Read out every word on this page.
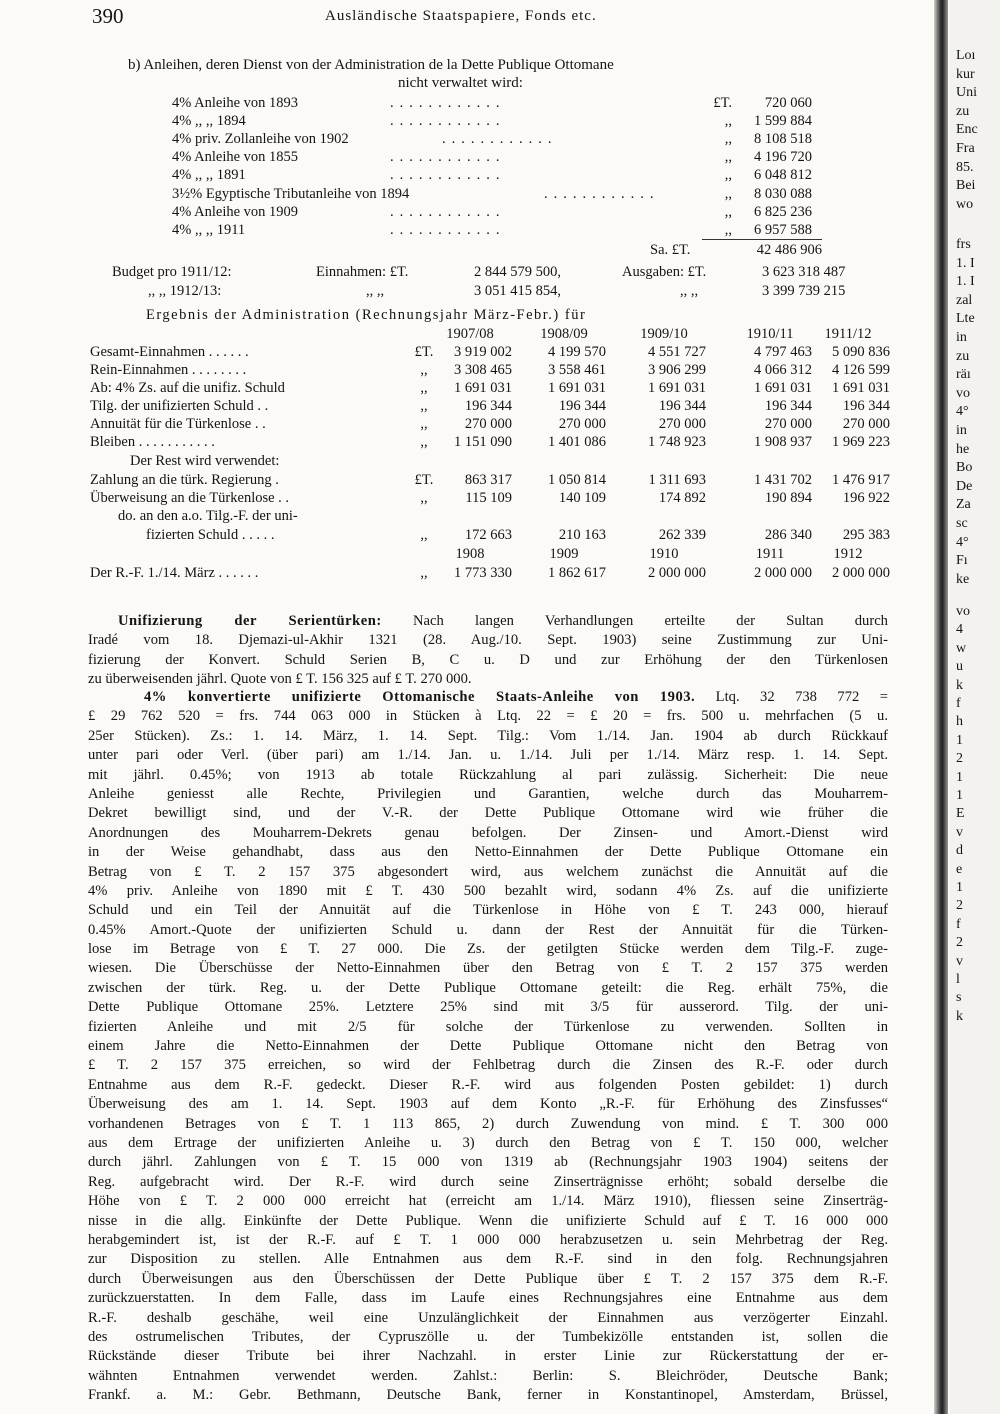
390	Ausländische Staatspapiere, Fonds etc.
b) Anleihen, deren Dienst von der Administration de la Dette Publique Ottomane
nicht verwaltet wird:
4% Anleihe von 1893	............	£T.	720 060
4% ,, ,, 1894	............	,,	1 599 884
4% priv. Zollanleihe von 1902	............	,,	8 108 518
4% Anleihe von 1855	............	,,	4 196 720
4% ,, ,, 1891	............	,,	6 048 812
3½% Egyptische Tributanleihe von 1894	............	,,	8 030 088
4% Anleihe von 1909	............	,,	6 825 236
4% ,, ,, 1911	............	,,	6 957 588
Sa. £T.	42 486 906
Budget pro 1911/12:	Einnahmen: £T.	2 844 579 500,	Ausgaben: £T.	3 623 318 487
,, ,, 1912/13:	,, ,,	3 051 415 854,	,, ,,	3 399 739 215
Ergebnis der Administration (Rechnungsjahr März-Febr.) für
1907/08	1908/09	1909/10	1910/11	1911/12
Gesamt-Einnahmen . . . . . .	£T.	3 919 002	4 199 570	4 551 727	4 797 463	5 090 836
Rein-Einnahmen . . . . . . . .	,,	3 308 465	3 558 461	3 906 299	4 066 312	4 126 599
Ab: 4% Zs. auf die unifiz. Schuld	,,	1 691 031	1 691 031	1 691 031	1 691 031	1 691 031
Tilg. der unifizierten Schuld . .	,,	196 344	196 344	196 344	196 344	196 344
Annuität für die Türkenlose . .	,,	270 000	270 000	270 000	270 000	270 000
Bleiben . . . . . . . . . . .	,,	1 151 090	1 401 086	1 748 923	1 908 937	1 969 223
Der Rest wird verwendet:
Zahlung an die türk. Regierung .	£T.	863 317	1 050 814	1 311 693	1 431 702	1 476 917
Überweisung an die Türkenlose . .	,,	115 109	140 109	174 892	190 894	196 922
do. an den a.o. Tilg.-F. der uni-
fizierten Schuld . . . . .	,,	172 663	210 163	262 339	286 340	295 383
1908	1909	1910	1911	1912
Der R.-F. 1./14. März . . . . . .	,,	1 773 330	1 862 617	2 000 000	2 000 000	2 000 000
Unifizierung der Serientürken: Nach langen Verhandlungen erteilte der Sultan durch
Iradé vom 18. Djemazi-ul-Akhir 1321 (28. Aug./10. Sept. 1903) seine Zustimmung zur Uni-
fizierung der Konvert. Schuld Serien B, C u. D und zur Erhöhung der den Türkenlosen
zu überweisenden jährl. Quote von £ T. 156 325 auf £ T. 270 000.
4% konvertierte unifizierte Ottomanische Staats-Anleihe von 1903. Ltq. 32 738 772 =
£ 29 762 520 = frs. 744 063 000 in Stücken à Ltq. 22 = £ 20 = frs. 500 u. mehrfachen (5 u.
25er Stücken). Zs.: 1. 14. März, 1. 14. Sept. Tilg.: Vom 1./14. Jan. 1904 ab durch Rückkauf
unter pari oder Verl. (über pari) am 1./14. Jan. u. 1./14. Juli per 1./14. März resp. 1. 14. Sept.
mit jährl. 0.45%; von 1913 ab totale Rückzahlung al pari zulässig. Sicherheit: Die neue
Anleihe geniesst alle Rechte, Privilegien und Garantien, welche durch das Mouharrem-
Dekret bewilligt sind, und der V.-R. der Dette Publique Ottomane wird wie früher die
Anordnungen des Mouharrem-Dekrets genau befolgen. Der Zinsen- und Amort.-Dienst wird
in der Weise gehandhabt, dass aus den Netto-Einnahmen der Dette Publique Ottomane ein
Betrag von £ T. 2 157 375 abgesondert wird, aus welchem zunächst die Annuität auf die
4% priv. Anleihe von 1890 mit £ T. 430 500 bezahlt wird, sodann 4% Zs. auf die unifizierte
Schuld und ein Teil der Annuität auf die Türkenlose in Höhe von £ T. 243 000, hierauf
0.45% Amort.-Quote der unifizierten Schuld u. dann der Rest der Annuität für die Türken-
lose im Betrage von £ T. 27 000. Die Zs. der getilgten Stücke werden dem Tilg.-F. zuge-
wiesen. Die Überschüsse der Netto-Einnahmen über den Betrag von £ T. 2 157 375 werden
zwischen der türk. Reg. u. der Dette Publique Ottomane geteilt: die Reg. erhält 75%, die
Dette Publique Ottomane 25%. Letztere 25% sind mit 3/5 für ausserord. Tilg. der uni-
fizierten Anleihe und mit 2/5 für solche der Türkenlose zu verwenden. Sollten in
einem Jahre die Netto-Einnahmen der Dette Publique Ottomane nicht den Betrag von
£ T. 2 157 375 erreichen, so wird der Fehlbetrag durch die Zinsen des R.-F. oder durch
Entnahme aus dem R.-F. gedeckt. Dieser R.-F. wird aus folgenden Posten gebildet: 1) durch
Überweisung des am 1. 14. Sept. 1903 auf dem Konto „R.-F. für Erhöhung des Zinsfusses“
vorhandenen Betrages von £ T. 1 113 865, 2) durch Zuwendung von mind. £ T. 300 000
aus dem Ertrage der unifizierten Anleihe u. 3) durch den Betrag von £ T. 150 000, welcher
durch jährl. Zahlungen von £ T. 15 000 von 1319 ab (Rechnungsjahr 1903 1904) seitens der
Reg. aufgebracht wird. Der R.-F. wird durch seine Zinserträgnisse erhöht; sobald derselbe die
Höhe von £ T. 2 000 000 erreicht hat (erreicht am 1./14. März 1910), fliessen seine Zinserträg-
nisse in die allg. Einkünfte der Dette Publique. Wenn die unifizierte Schuld auf £ T. 16 000 000
herabgemindert ist, ist der R.-F. auf £ T. 1 000 000 herabzusetzen u. sein Mehrbetrag der Reg.
zur Disposition zu stellen. Alle Entnahmen aus dem R.-F. sind in den folg. Rechnungsjahren
durch Überweisungen aus den Überschüssen der Dette Publique über £ T. 2 157 375 dem R.-F.
zurückzuerstatten. In dem Falle, dass im Laufe eines Rechnungsjahres eine Entnahme aus dem
R.-F. deshalb geschähe, weil eine Unzulänglichkeit der Einnahmen aus verzögerter Einzahl.
des ostrumelischen Tributes, der Cypruszölle u. der Tumbekizölle entstanden ist, sollen die
Rückstände dieser Tribute bei ihrer Nachzahl. in erster Linie zur Rückerstattung der er-
wähnten Entnahmen verwendet werden. Zahlst.: Berlin: S. Bleichröder, Deutsche Bank;
Frankf. a. M.: Gebr. Bethmann, Deutsche Bank, ferner in Konstantinopel, Amsterdam, Brüssel,
Loı
kur
Uni
zu
Enc
Fra
85.
Bei
wo
frs
1. I
1. I
zal
Lte
in
zu
räı
vo
4°
in
he
Bo
De
Za
sc
4°
Fı
ke
vo
4
w
u
k
f
h
1
2
1
1
E
v
d
e
1
2
f
2
v
l
s
k
